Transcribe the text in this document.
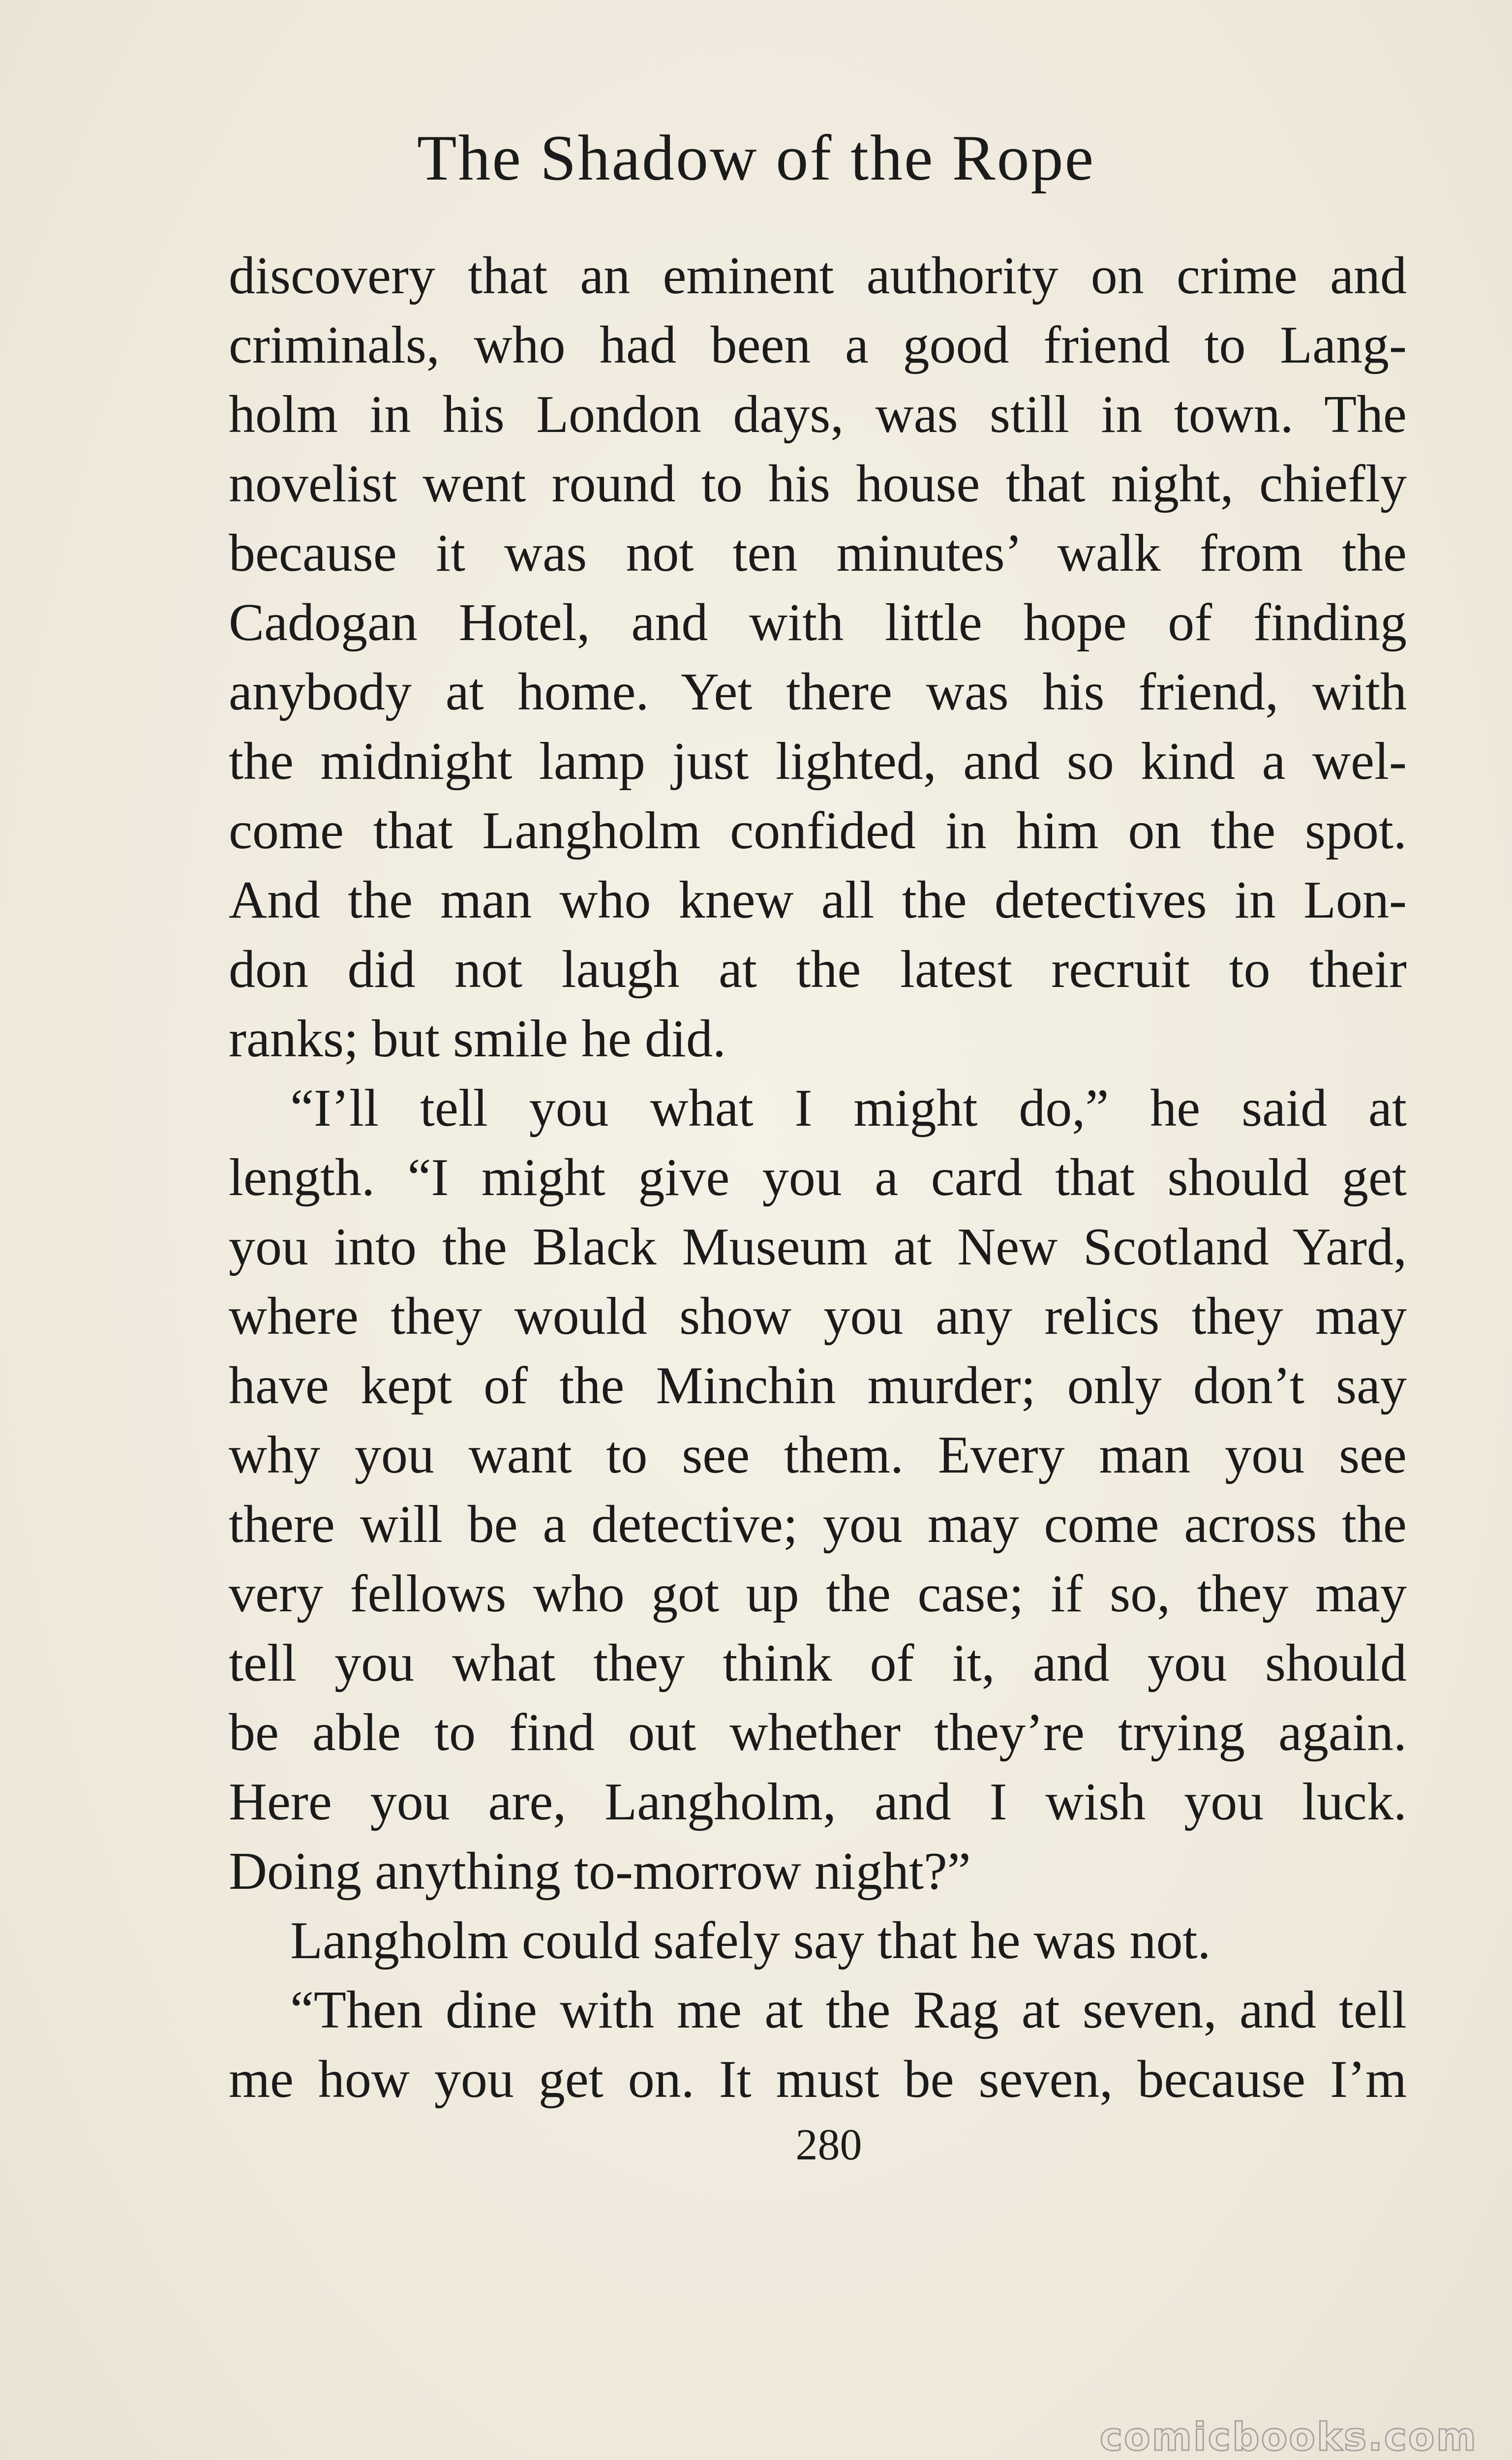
The Shadow of the Rope
discovery that an eminent authority on crime and
criminals, who had been a good friend to Lang-
holm in his London days, was still in town. The
novelist went round to his house that night, chiefly
because it was not ten minutes’ walk from the
Cadogan Hotel, and with little hope of finding
anybody at home. Yet there was his friend, with
the midnight lamp just lighted, and so kind a wel-
come that Langholm confided in him on the spot.
And the man who knew all the detectives in Lon-
don did not laugh at the latest recruit to their
ranks; but smile he did.
“I’ll tell you what I might do,” he said at
length. “I might give you a card that should get
you into the Black Museum at New Scotland Yard,
where they would show you any relics they may
have kept of the Minchin murder; only don’t say
why you want to see them. Every man you see
there will be a detective; you may come across the
very fellows who got up the case; if so, they may
tell you what they think of it, and you should
be able to find out whether they’re trying again.
Here you are, Langholm, and I wish you luck.
Doing anything to-morrow night?”
Langholm could safely say that he was not.
“Then dine with me at the Rag at seven, and tell
me how you get on. It must be seven, because I’m
280
comicbooks.com
